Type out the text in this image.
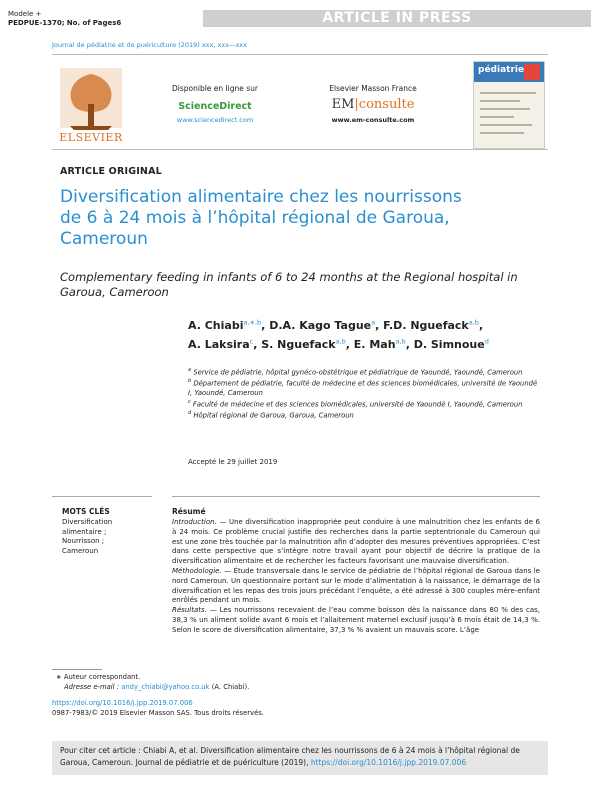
Modele +
PEDPUE-1370; No. of Pages6	ARTICLE IN PRESS
Journal de pédiatrie et de puériculture (2019) xxx, xxx—xxx
ELSEVIER
Disponible en ligne sur
ScienceDirect
www.sciencedirect.com
Elsevier Masson France
EM|consulte
www.em-consulte.com
pédiatrie
ARTICLE ORIGINAL
Diversification alimentaire chez les nourrissons de 6 à 24 mois à l’hôpital régional de Garoua, Cameroun
Complementary feeding in infants of 6 to 24 months at the Regional hospital in Garoua, Cameroon
A. Chiabi$^{a,∗,b}$, D.A. Kago Tague$^a$, F.D. Nguefack$^{a,b}$,
A. Laksira$^c$, S. Nguefack$^{a,b}$, E. Mah$^{a,b}$, D. Simnoue$^d$

$^a$ Service de pédiatrie, hôpital gynéco-obstétrique et pédiatrique de Yaoundé, Yaoundé, Cameroun

$^b$ Département de pédiatrie, faculté de médecine et des sciences biomédicales, université de Yaoundé I, Yaoundé, Cameroun

$^c$ Faculté de médecine et des sciences biomédicales, université de Yaoundé I, Yaoundé, Cameroun

$^d$ Hôpital régional de Garoua, Garoua, Cameroun

Accepté le 29 juillet 2019
MOTS CLÉS
Diversification
alimentaire ;
Nourrisson ;
Cameroun
Résumé
Introduction. — Une diversification inappropriée peut conduire à une malnutrition chez les enfants de 6 à 24 mois. Ce problème crucial justifie des recherches dans la partie septentrionale du Cameroun qui est une zone très touchée par la malnutrition afin d’adopter des mesures préventives appropriées. C’est dans cette perspective que s’intègre notre travail ayant pour objectif de décrire la pratique de la diversification alimentaire et de rechercher les facteurs favorisant une mauvaise diversification.
Méthodologie. — Étude transversale dans le service de pédiatrie de l’hôpital régional de Garoua dans le nord Cameroun. Un questionnaire portant sur le mode d’alimentation à la naissance, le démarrage de la diversification et les repas des trois jours précédant l’enquête, a été adressé à 300 couples mère-enfant enrôlés pendant un mois.
Résultats. — Les nourrissons recevaient de l’eau comme boisson dès la naissance dans 80 % des cas, 38,3 % un aliment solide avant 6 mois et l’allaitement maternel exclusif jusqu’à 6 mois était de 14,3 %. Selon le score de diversification alimentaire, 37,3 % % avaient un mauvais score. L’âge
∗ Auteur correspondant.
Adresse e-mail : andy_chiabi@yahoo.co.uk (A. Chiabi).
https://doi.org/10.1016/j.jpp.2019.07.006
0987-7983/© 2019 Elsevier Masson SAS. Tous droits réservés.
Pour citer cet article : Chiabi A, et al. Diversification alimentaire chez les nourrissons de 6 à 24 mois à l’hôpital régional de Garoua, Cameroun. Journal de pédiatrie et de puériculture (2019), https://doi.org/10.1016/j.jpp.2019.07.006
